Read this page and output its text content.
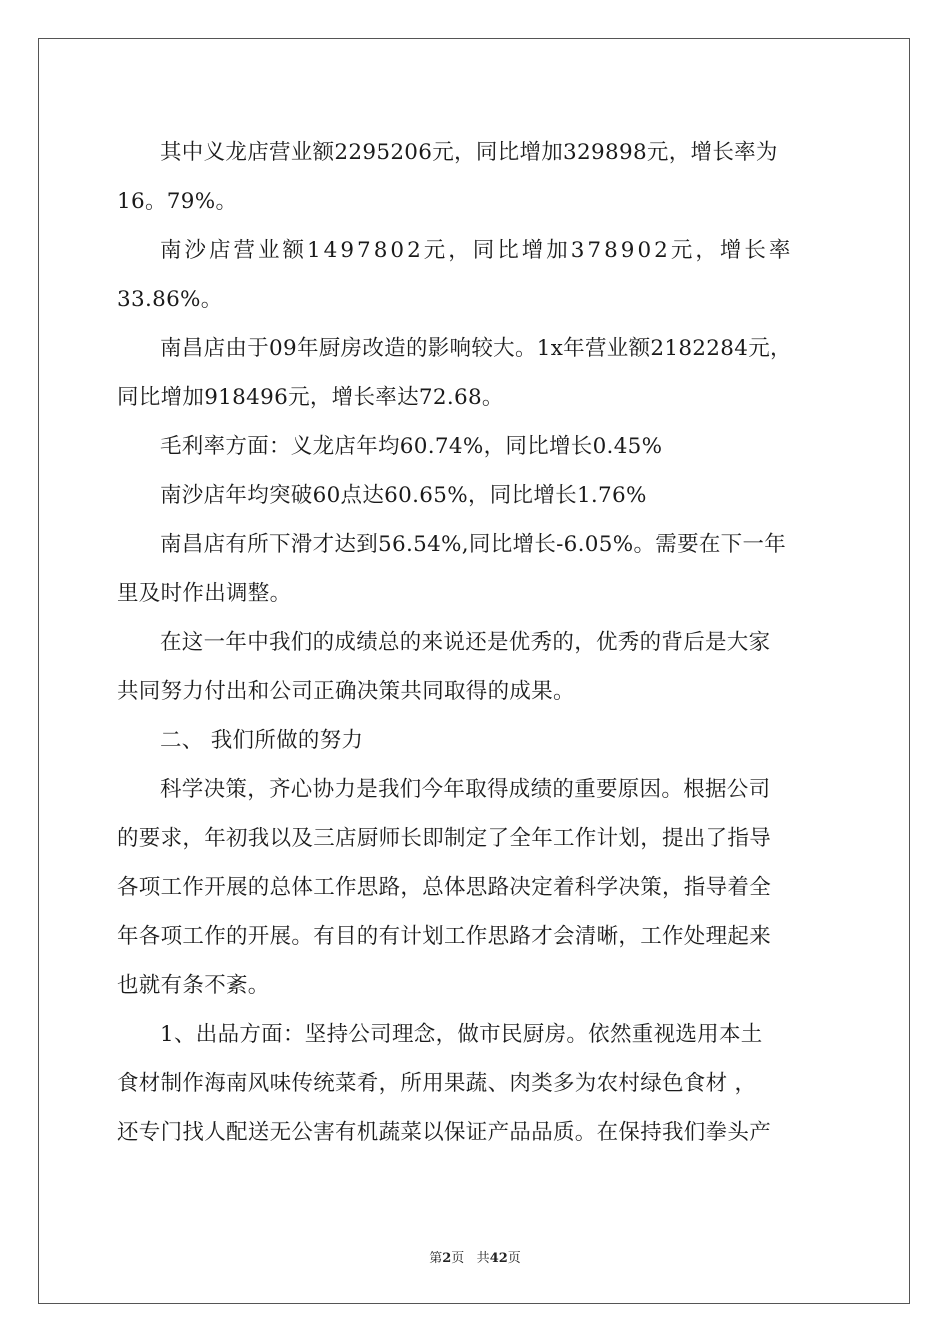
其中义龙店营业额2295206元，同比增加329898元，增长率为
16。79%。

南沙店营业额1497802元，同比增加378902元，增长率
33.86%。

南昌店由于09年厨房改造的影响较大。1x年营业额2182284元，
同比增加918496元，增长率达72.68。

毛利率方面：义龙店年均60.74%，同比增长0.45%

南沙店年均突破60点达60.65%，同比增长1.76%

南昌店有所下滑才达到56.54%,同比增长-6.05%。需要在下一年
里及时作出调整。

在这一年中我们的成绩总的来说还是优秀的，优秀的背后是大家
共同努力付出和公司正确决策共同取得的成果。

二、 我们所做的努力

科学决策，齐心协力是我们今年取得成绩的重要原因。根据公司
的要求，年初我以及三店厨师长即制定了全年工作计划，提出了指导
各项工作开展的总体工作思路，总体思路决定着科学决策，指导着全
年各项工作的开展。有目的有计划工作思路才会清晰，工作处理起来
也就有条不紊。

1、出品方面：坚持公司理念，做市民厨房。依然重视选用本土
食材制作海南风味传统菜肴，所用果蔬、肉类多为农村绿色食材 ，
还专门找人配送无公害有机蔬菜以保证产品品质。在保持我们拳头产

第2页 共42页
